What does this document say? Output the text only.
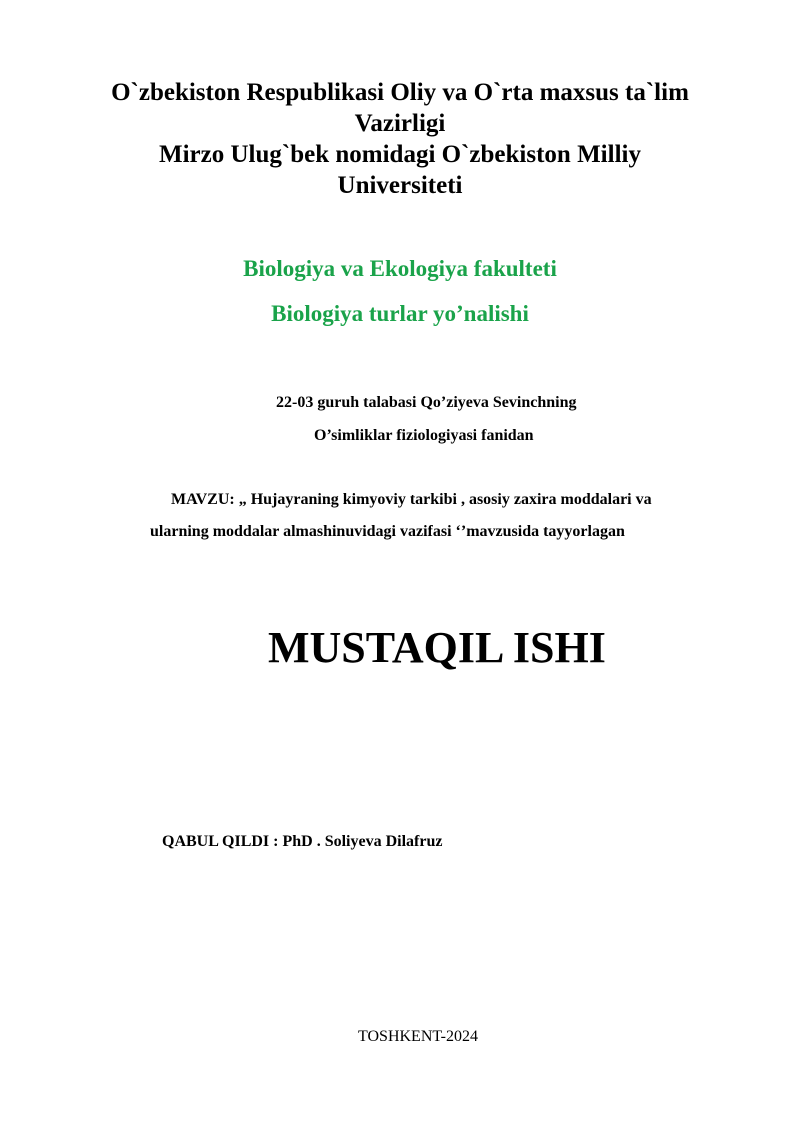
O`zbekiston Respublikasi Oliy va O`rta maxsus ta`lim
Vazirligi
Mirzo Ulug`bek nomidagi O`zbekiston Milliy
Universiteti
Biologiya va Ekologiya fakulteti
Biologiya turlar yo’nalishi
22-03 guruh talabasi Qo’ziyeva Sevinchning
O’simliklar fiziologiyasi fanidan
MAVZU: „ Hujayraning kimyoviy tarkibi , asosiy zaxira moddalari va
ularning moddalar almashinuvidagi vazifasi ‘’mavzusida tayyorlagan
MUSTAQIL ISHI
QABUL QILDI : PhD . Soliyeva Dilafruz
TOSHKENT-2024
